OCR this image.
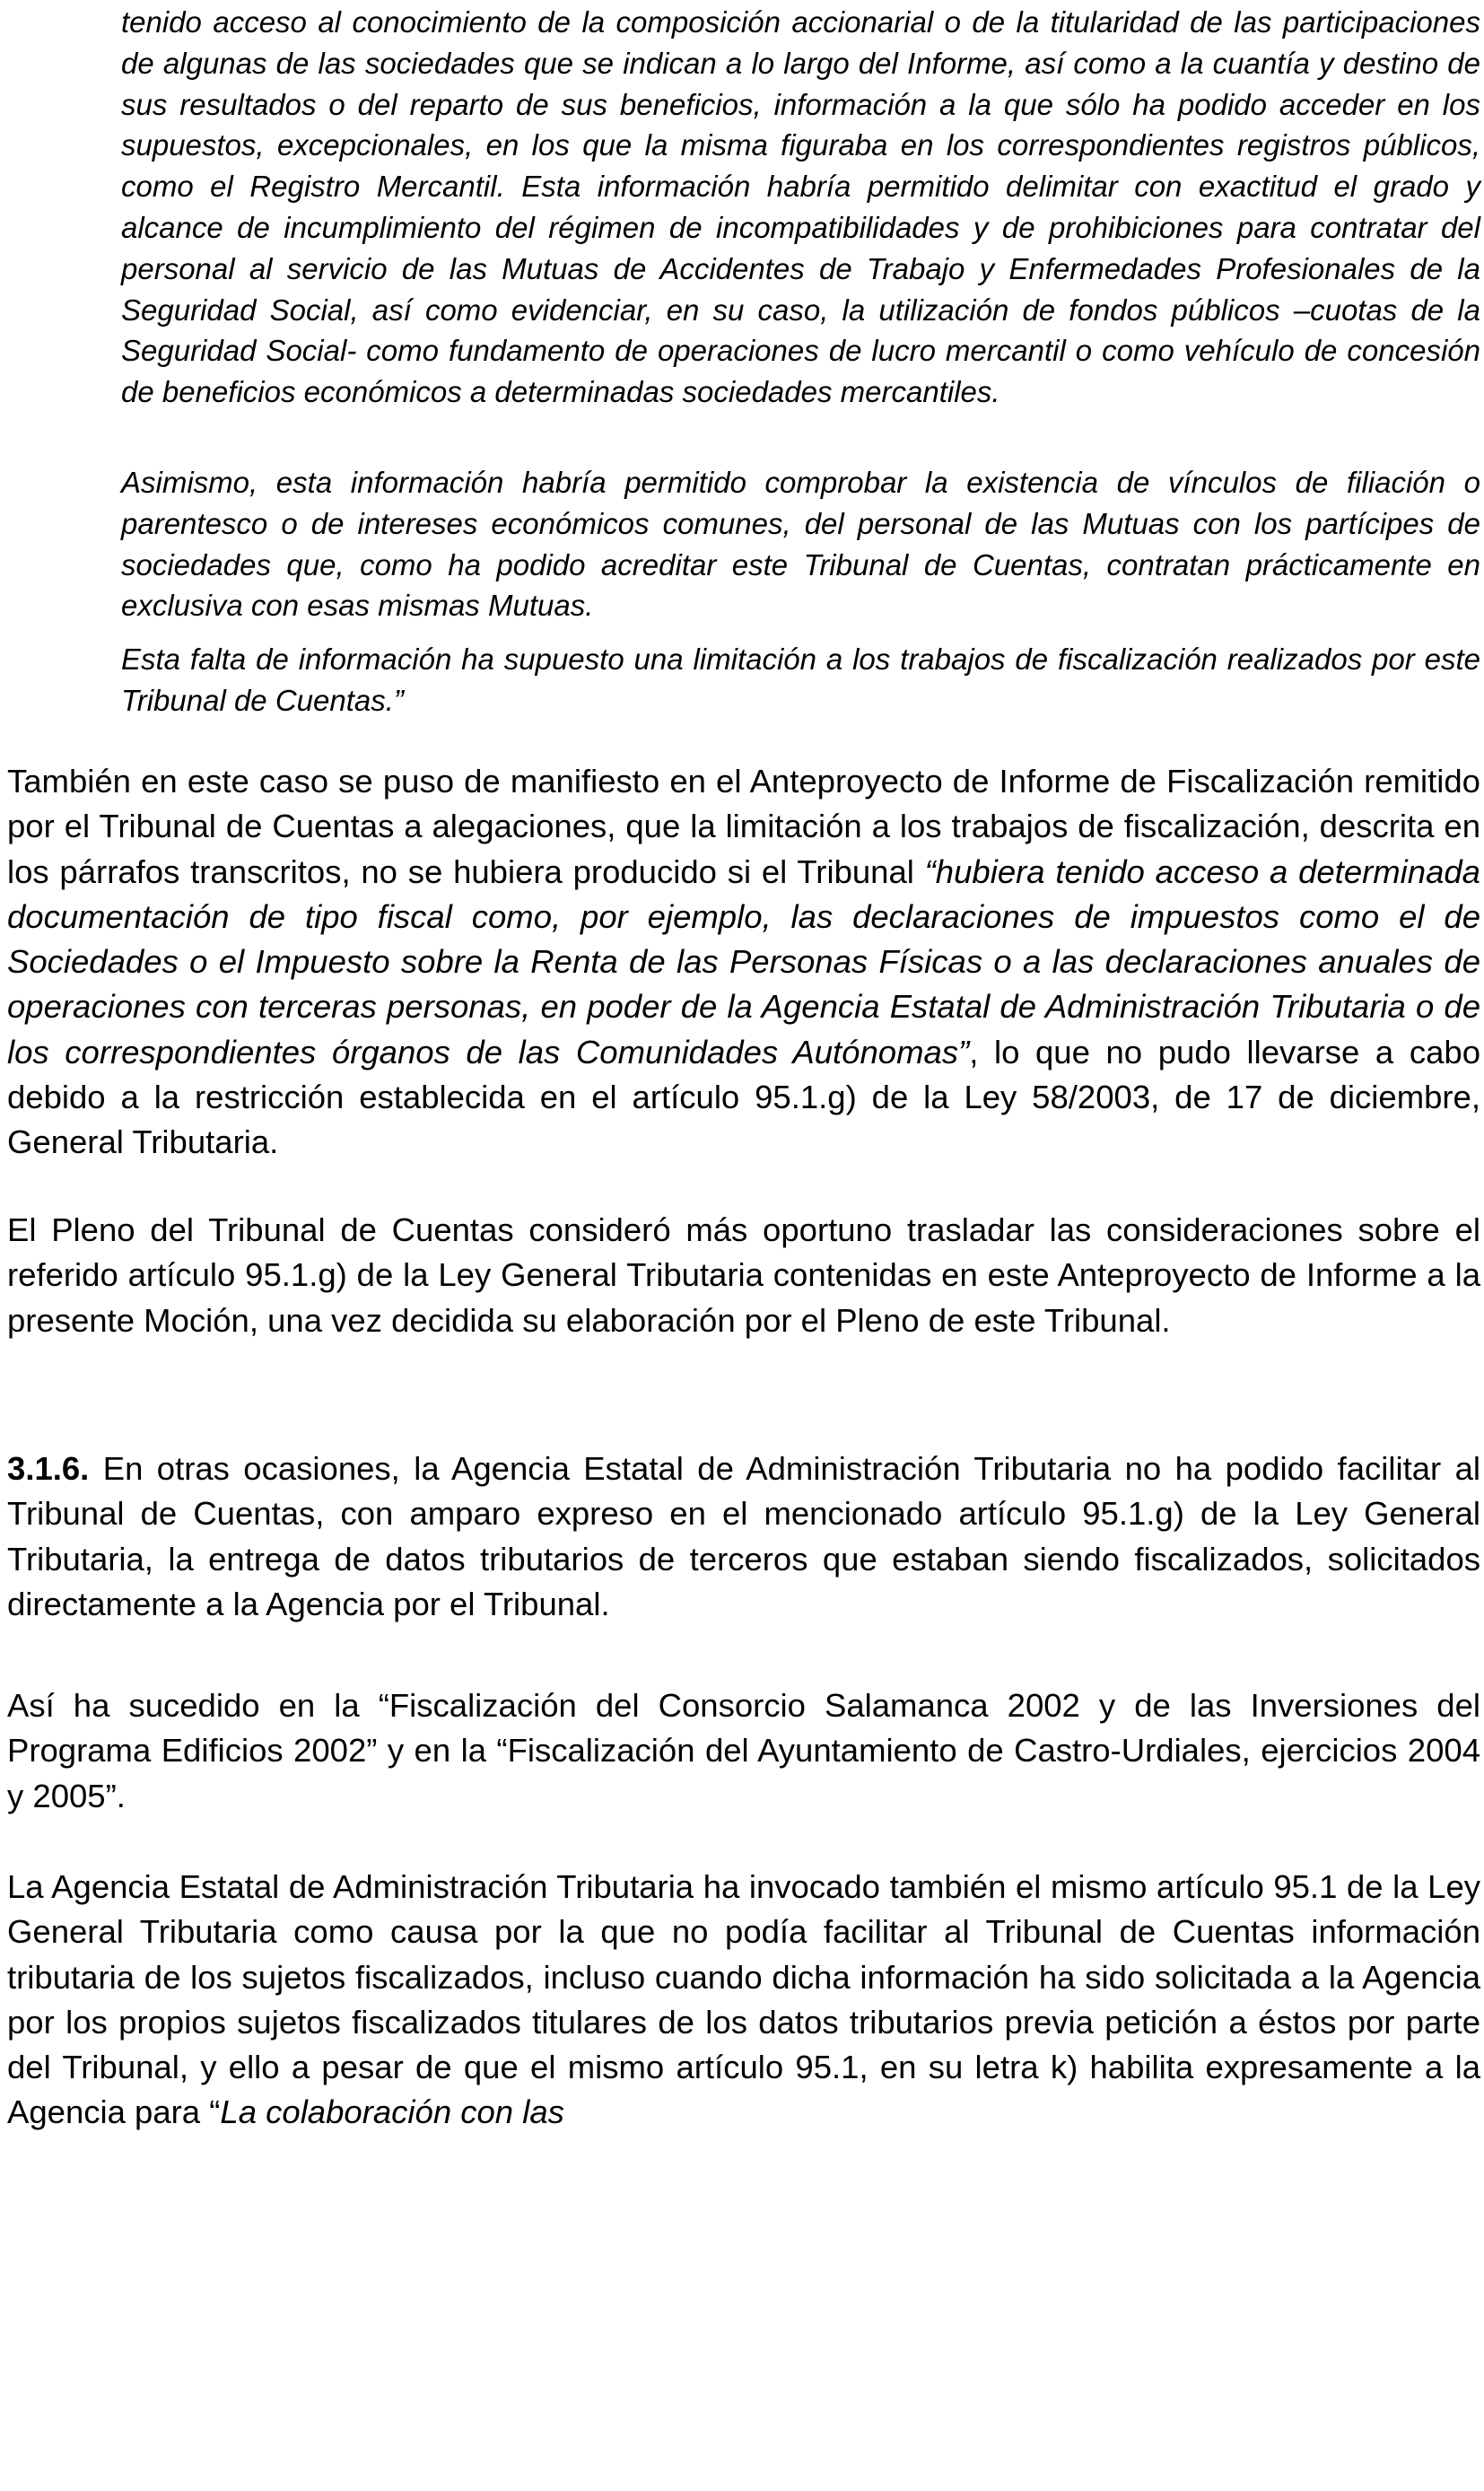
tenido acceso al conocimiento de la composición accionarial o de la titularidad de las participaciones de algunas de las sociedades que se indican a lo largo del Informe, así como a la cuantía y destino de sus resultados o del reparto de sus beneficios, información a la que sólo ha podido acceder en los supuestos, excepcionales, en los que la misma figuraba en los correspondientes registros públicos, como el Registro Mercantil. Esta información habría permitido delimitar con exactitud el grado y alcance de incumplimiento del régimen de incompatibilidades y de prohibiciones para contratar del personal al servicio de las Mutuas de Accidentes de Trabajo y Enfermedades Profesionales de la Seguridad Social, así como evidenciar, en su caso, la utilización de fondos públicos –cuotas de la Seguridad Social- como fundamento de operaciones de lucro mercantil o como vehículo de concesión de beneficios económicos a determinadas sociedades mercantiles.

Asimismo, esta información habría permitido comprobar la existencia de vínculos de filiación o parentesco o de intereses económicos comunes, del personal de las Mutuas con los partícipes de sociedades que, como ha podido acreditar este Tribunal de Cuentas, contratan prácticamente en exclusiva con esas mismas Mutuas.

Esta falta de información ha supuesto una limitación a los trabajos de fiscalización realizados por este Tribunal de Cuentas.”

También en este caso se puso de manifiesto en el Anteproyecto de Informe de Fiscalización remitido por el Tribunal de Cuentas a alegaciones, que la limitación a los trabajos de fiscalización, descrita en los párrafos transcritos, no se hubiera producido si el Tribunal “hubiera tenido acceso a determinada documentación de tipo fiscal como, por ejemplo, las declaraciones de impuestos como el de Sociedades o el Impuesto sobre la Renta de las Personas Físicas o a las declaraciones anuales de operaciones con terceras personas, en poder de la Agencia Estatal de Administración Tributaria o de los correspondientes órganos de las Comunidades Autónomas”, lo que no pudo llevarse a cabo debido a la restricción establecida en el artículo 95.1.g) de la Ley 58/2003, de 17 de diciembre, General Tributaria.

El Pleno del Tribunal de Cuentas consideró más oportuno trasladar las consideraciones sobre el referido artículo 95.1.g) de la Ley General Tributaria contenidas en este Anteproyecto de Informe a la presente Moción, una vez decidida su elaboración por el Pleno de este Tribunal.

3.1.6. En otras ocasiones, la Agencia Estatal de Administración Tributaria no ha podido facilitar al Tribunal de Cuentas, con amparo expreso en el mencionado artículo 95.1.g) de la Ley General Tributaria, la entrega de datos tributarios de terceros que estaban siendo fiscalizados, solicitados directamente a la Agencia por el Tribunal.

Así ha sucedido en la “Fiscalización del Consorcio Salamanca 2002 y de las Inversiones del Programa Edificios 2002” y en la “Fiscalización del Ayuntamiento de Castro-Urdiales, ejercicios 2004 y 2005”.

La Agencia Estatal de Administración Tributaria ha invocado también el mismo artículo 95.1 de la Ley General Tributaria como causa por la que no podía facilitar al Tribunal de Cuentas información tributaria de los sujetos fiscalizados, incluso cuando dicha información ha sido solicitada a la Agencia por los propios sujetos fiscalizados titulares de los datos tributarios previa petición a éstos por parte del Tribunal, y ello a pesar de que el mismo artículo 95.1, en su letra k) habilita expresamente a la Agencia para “La colaboración con las
